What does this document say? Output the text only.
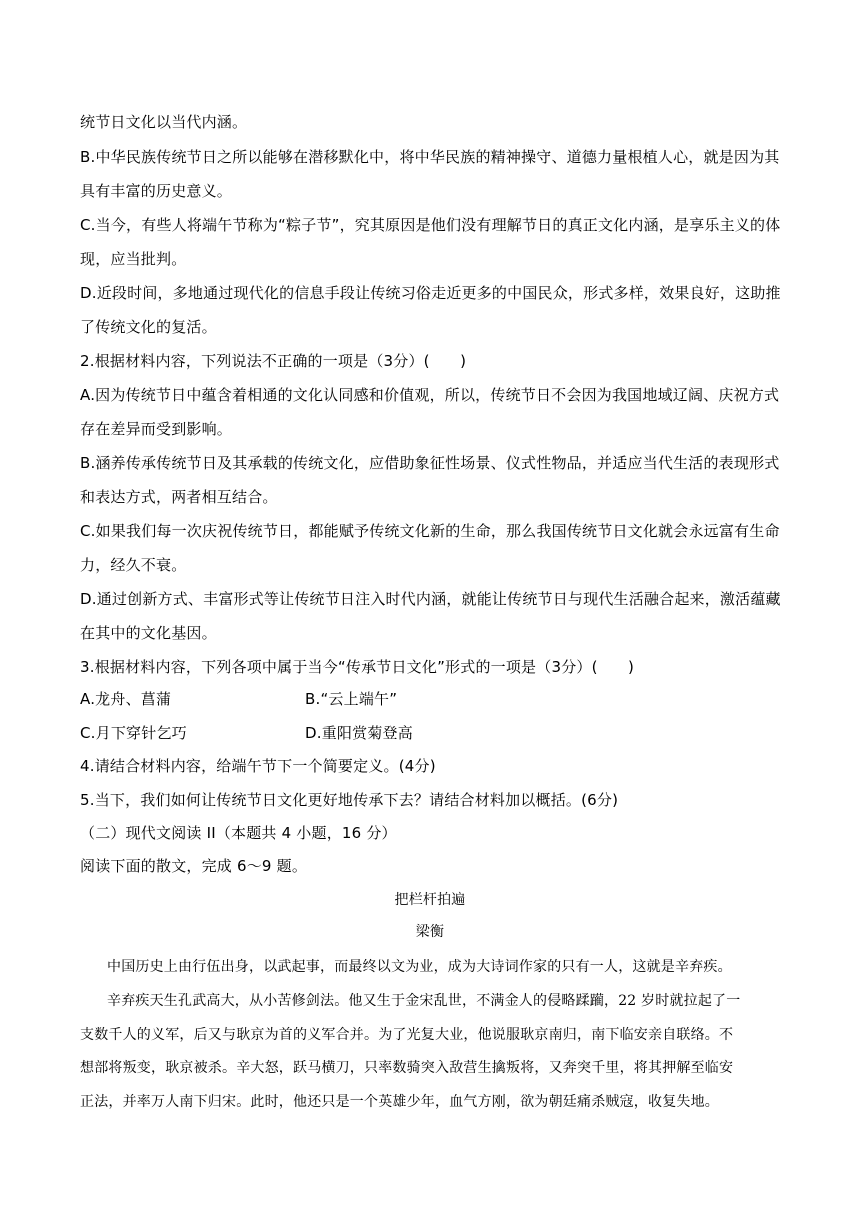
统节日文化以当代内涵。
B.中华民族传统节日之所以能够在潜移默化中，将中华民族的精神操守、道德力量根植人心，就是因为其
具有丰富的历史意义。
C.当今，有些人将端午节称为“粽子节”，究其原因是他们没有理解节日的真正文化内涵，是享乐主义的体
现，应当批判。
D.近段时间，多地通过现代化的信息手段让传统习俗走近更多的中国民众，形式多样，效果良好，这助推
了传统文化的复活。
2.根据材料内容，下列说法不正确的一项是（3分）(　　)
A.因为传统节日中蕴含着相通的文化认同感和价值观，所以，传统节日不会因为我国地域辽阔、庆祝方式
存在差异而受到影响。
B.涵养传承传统节日及其承载的传统文化，应借助象征性场景、仪式性物品，并适应当代生活的表现形式
和表达方式，两者相互结合。
C.如果我们每一次庆祝传统节日，都能赋予传统文化新的生命，那么我国传统节日文化就会永远富有生命
力，经久不衰。
D.通过创新方式、丰富形式等让传统节日注入时代内涵，就能让传统节日与现代生活融合起来，激活蕴藏
在其中的文化基因。
3.根据材料内容，下列各项中属于当今“传承节日文化”形式的一项是（3分）(　　)
A.龙舟、菖蒲	B.“云上端午”
C.月下穿针乞巧	D.重阳赏菊登高
4.请结合材料内容，给端午节下一个简要定义。(4分)
5.当下，我们如何让传统节日文化更好地传承下去？请结合材料加以概括。(6分)
（二）现代文阅读 II（本题共 4 小题，16 分）
阅读下面的散文，完成 6～9 题。
把栏杆拍遍
梁衡
中国历史上由行伍出身，以武起事，而最终以文为业，成为大诗词作家的只有一人，这就是辛弃疾。
辛弃疾天生孔武高大，从小苦修剑法。他又生于金宋乱世，不满金人的侵略蹂躏，22 岁时就拉起了一
支数千人的义军，后又与耿京为首的义军合并。为了光复大业，他说服耿京南归，南下临安亲自联络。不
想部将叛变，耿京被杀。辛大怒，跃马横刀，只率数骑突入敌营生擒叛将，又奔突千里，将其押解至临安
正法，并率万人南下归宋。此时，他还只是一个英雄少年，血气方刚，欲为朝廷痛杀贼寇，收复失地。
